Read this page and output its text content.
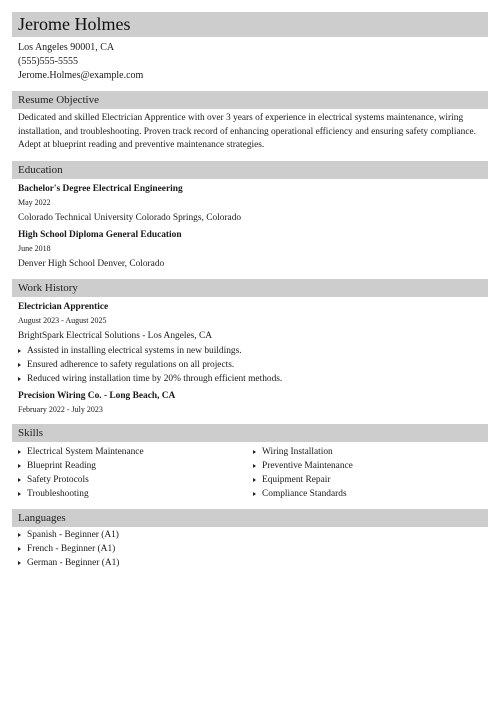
Jerome Holmes
Los Angeles 90001, CA
(555)555-5555
Jerome.Holmes@example.com
Resume Objective
Dedicated and skilled Electrician Apprentice with over 3 years of experience in electrical systems maintenance, wiring installation, and troubleshooting. Proven track record of enhancing operational efficiency and ensuring safety compliance. Adept at blueprint reading and preventive maintenance strategies.
Education
Bachelor's Degree Electrical Engineering
May 2022
Colorado Technical University Colorado Springs, Colorado
High School Diploma General Education
June 2018
Denver High School Denver, Colorado
Work History
Electrician Apprentice
August 2023 - August 2025
BrightSpark Electrical Solutions - Los Angeles, CA
Assisted in installing electrical systems in new buildings.
Ensured adherence to safety regulations on all projects.
Reduced wiring installation time by 20% through efficient methods.
Precision Wiring Co. - Long Beach, CA
February 2022 - July 2023
Skills
Electrical System Maintenance
Blueprint Reading
Safety Protocols
Troubleshooting
Wiring Installation
Preventive Maintenance
Equipment Repair
Compliance Standards
Languages
Spanish - Beginner (A1)
French - Beginner (A1)
German - Beginner (A1)
